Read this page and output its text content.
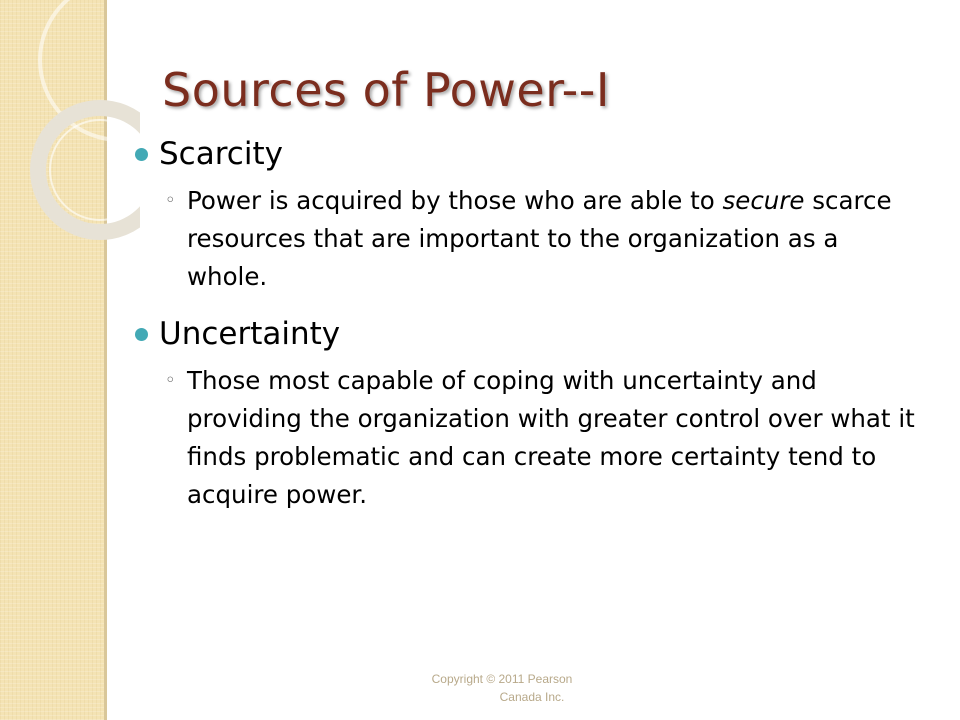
Sources of Power--I
Scarcity
◦ Power is acquired by those who are able to secure scarce resources that are important to the organization as a whole.
Uncertainty
◦ Those most capable of coping with uncertainty and providing the organization with greater control over what it finds problematic and can create more certainty tend to acquire power.
Copyright © 2011 Pearson
Canada Inc.
